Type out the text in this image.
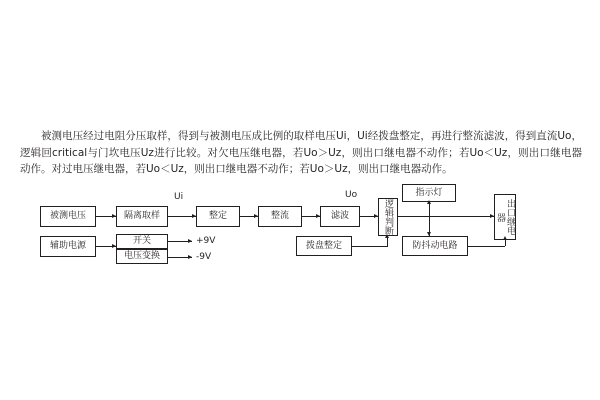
被测电压经过电阻分压取样，得到与被测电压成比例的取样电压Ui，Ui经拨盘整定，再进行整流滤波，得到直流Uo，逻辑回critical与门坎电压Uz进行比较。对欠电压继电器，若Uo＞Uz，则出口继电器不动作；若Uo＜Uz，则出口继电器动作。对过电压继电器，若Uo＜Uz，则出口继电器不动作；若Uo＞Uz，则出口继电器动作。

被测电压	隔离取样
Ui
整定	整流	滤波
Uo
逻辑判断	出口继电器
辅助电源	开关
电压变换
+9V
-9V
拨盘整定
指示灯
防抖动电路
